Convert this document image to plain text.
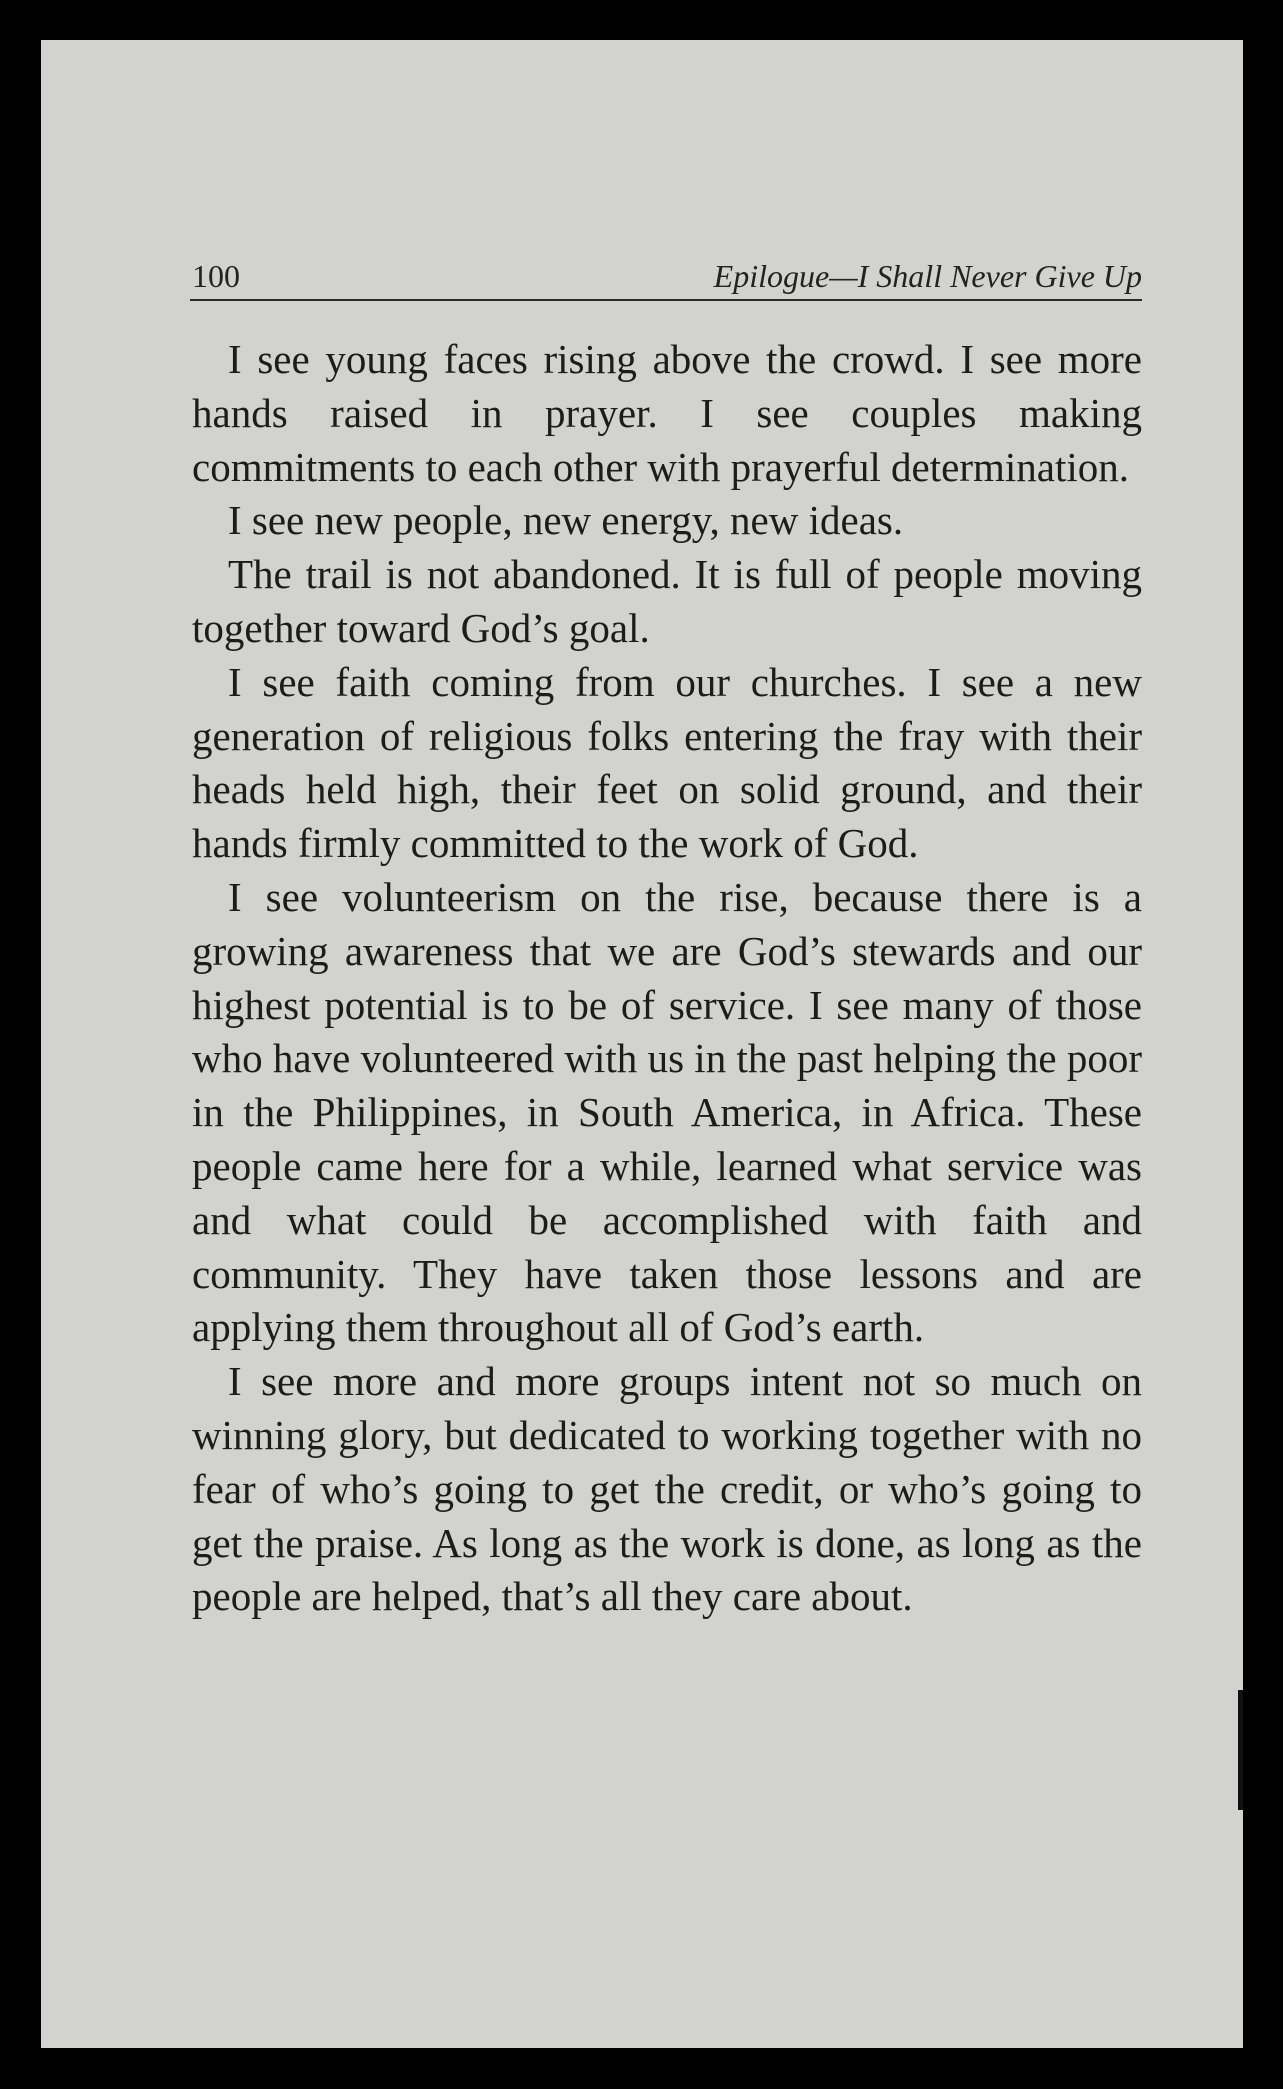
100	Epilogue—I Shall Never Give Up

I see young faces rising above the crowd. I see more hands raised in prayer. I see couples making commitments to each other with prayerful determination.

I see new people, new energy, new ideas.

The trail is not abandoned. It is full of people moving together toward God’s goal.

I see faith coming from our churches. I see a new generation of religious folks entering the fray with their heads held high, their feet on solid ground, and their hands firmly committed to the work of God.

I see volunteerism on the rise, because there is a growing awareness that we are God’s stewards and our highest potential is to be of service. I see many of those who have volunteered with us in the past helping the poor in the Philippines, in South America, in Africa. These people came here for a while, learned what service was and what could be accomplished with faith and community. They have taken those lessons and are applying them throughout all of God’s earth.

I see more and more groups intent not so much on winning glory, but dedicated to working together with no fear of who’s going to get the credit, or who’s going to get the praise. As long as the work is done, as long as the people are helped, that’s all they care about.
